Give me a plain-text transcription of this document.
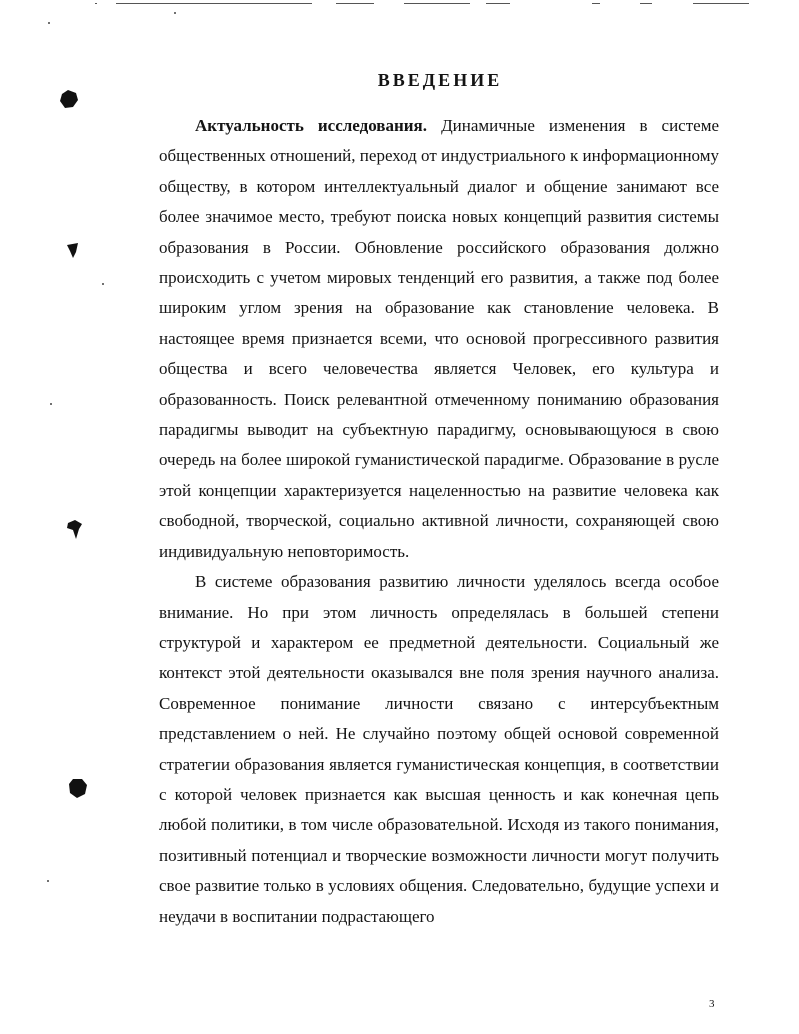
ВВЕДЕНИЕ

Актуальность исследования. Динамичные изменения в системе общественных отношений, переход от индустриального к информационному обществу, в котором интеллектуальный диалог и общение занимают все более значимое место, требуют поиска новых концепций развития системы образования в России. Обновление российского образования должно происходить с учетом мировых тенденций его развития, а также под более широким углом зрения на образование как становление человека. В настоящее время признается всеми, что основой прогрессивного развития общества и всего человечества является Человек, его культура и образованность. Поиск релевантной отмеченному пониманию образования парадигмы выводит на субъектную парадигму, основывающуюся в свою очередь на более широкой гуманистической парадигме. Образование в русле этой концепции характеризуется нацеленностью на развитие человека как свободной, творческой, социально активной личности, сохраняющей свою индивидуальную неповторимость.

В системе образования развитию личности уделялось всегда особое внимание. Но при этом личность определялась в большей степени структурой и характером ее предметной деятельности. Социальный же контекст этой деятельности оказывался вне поля зрения научного анализа. Современное понимание личности связано с интерсубъектным представлением о ней. Не случайно поэтому общей основой современной стратегии образования является гуманистическая концепция, в соответствии с которой человек признается как высшая ценность и как конечная цепь любой политики, в том числе образовательной. Исходя из такого понимания, позитивный потенциал и творческие возможности личности могут получить свое развитие только в условиях общения. Следовательно, будущие успехи и неудачи в воспитании подрастающего

3
